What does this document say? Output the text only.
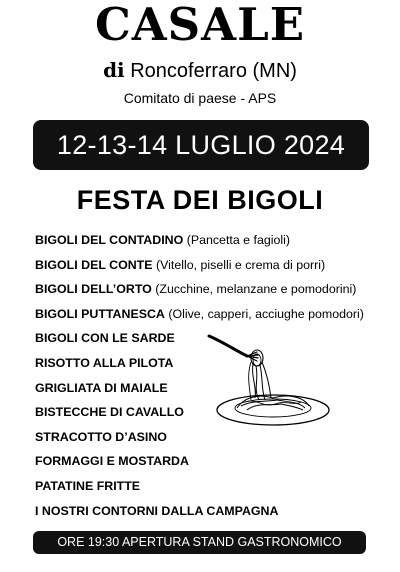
CASALE
di Roncoferraro (MN)
Comitato di paese - APS
12-13-14 LUGLIO 2024
FESTA DEI BIGOLI
BIGOLI DEL CONTADINO (Pancetta e fagioli)
BIGOLI DEL CONTE (Vitello, piselli e crema di porri)
BIGOLI DELL’ORTO (Zucchine, melanzane e pomodorini)
BIGOLI PUTTANESCA (Olive, capperi, acciughe pomodori)
BIGOLI CON LE SARDE
RISOTTO ALLA PILOTA
GRIGLIATA DI MAIALE
BISTECCHE DI CAVALLO
STRACOTTO D’ASINO
FORMAGGI E MOSTARDA
PATATINE FRITTE
I NOSTRI CONTORNI DALLA CAMPAGNA
ORE 19:30 APERTURA STAND GASTRONOMICO
